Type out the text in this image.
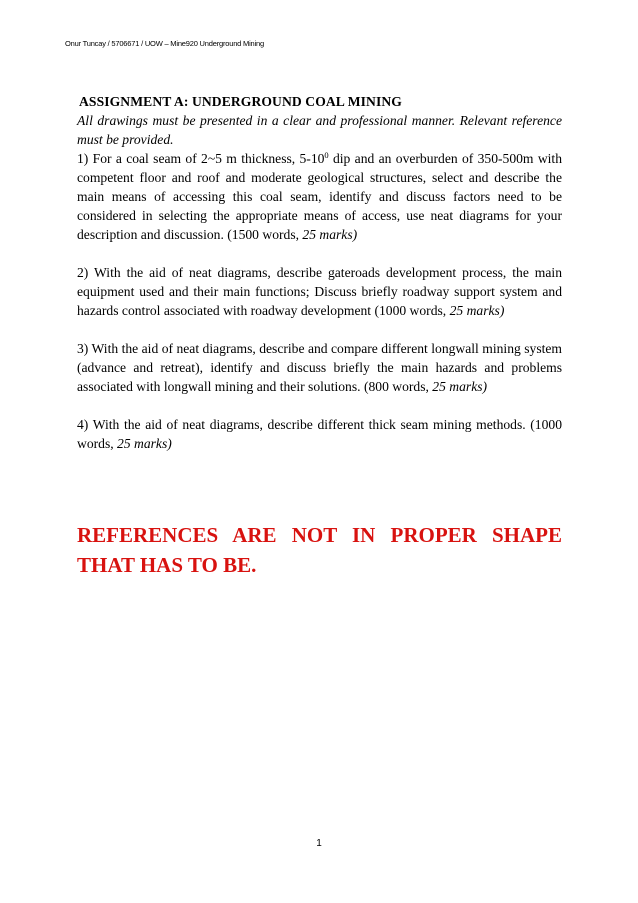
Onur Tuncay / 5706671 / UOW – Mine920 Underground Mining

ASSIGNMENT A: UNDERGROUND COAL MINING

All drawings must be presented in a clear and professional manner. Relevant reference must be provided.

1) For a coal seam of 2~5 m thickness, $5-10^0$ dip and an overburden of 350-500m with competent floor and roof and moderate geological structures, select and describe the main means of accessing this coal seam, identify and discuss factors need to be considered in selecting the appropriate means of access, use neat diagrams for your description and discussion. (1500 words, 25 marks)

2) With the aid of neat diagrams, describe gateroads development process, the main equipment used and their main functions; Discuss briefly roadway support system and hazards control associated with roadway development (1000 words, 25 marks)

3) With the aid of neat diagrams, describe and compare different longwall mining system (advance and retreat), identify and discuss briefly the main hazards and problems associated with longwall mining and their solutions. (800 words, 25 marks)

4) With the aid of neat diagrams, describe different thick seam mining methods. (1000 words, 25 marks)

REFERENCES ARE NOT IN PROPER SHAPE
THAT HAS TO BE.

1
